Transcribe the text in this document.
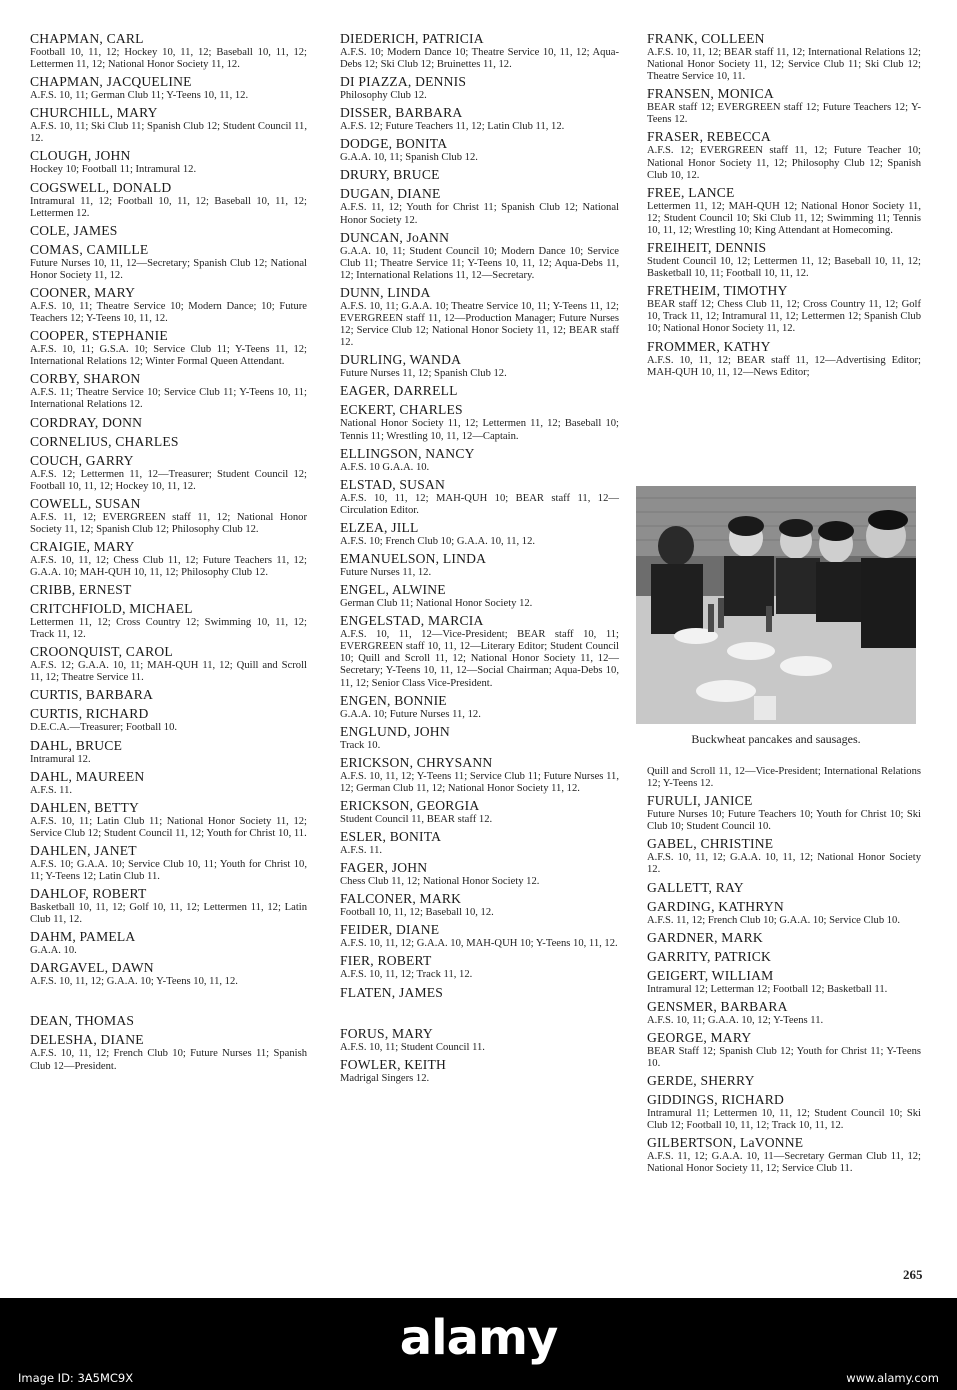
CHAPMAN, CARL
Football 10, 11, 12; Hockey 10, 11, 12; Baseball 10, 11, 12; Lettermen 11, 12; National Honor Society 11, 12.
CHAPMAN, JACQUELINE
A.F.S. 10, 11; German Club 11; Y-Teens 10, 11, 12.
CHURCHILL, MARY
A.F.S. 10, 11; Ski Club 11; Spanish Club 12; Student Council 11, 12.
CLOUGH, JOHN
Hockey 10; Football 11; Intramural 12.
COGSWELL, DONALD
Intramural 11, 12; Football 10, 11, 12; Baseball 10, 11, 12; Lettermen 12.
COLE, JAMES
COMAS, CAMILLE
Future Nurses 10, 11, 12—Secretary; Spanish Club 12; National Honor Society 11, 12.
COONER, MARY
A.F.S. 10, 11; Theatre Service 10; Modern Dance; 10; Future Teachers 12; Y-Teens 10, 11, 12.
COOPER, STEPHANIE
A.F.S. 10, 11; G.S.A. 10; Service Club 11; Y-Teens 11, 12; International Relations 12; Winter Formal Queen Attendant.
CORBY, SHARON
A.F.S. 11; Theatre Service 10; Service Club 11; Y-Teens 10, 11; International Relations 12.
CORDRAY, DONN
CORNELIUS, CHARLES
COUCH, GARRY
A.F.S. 12; Lettermen 11, 12—Treasurer; Student Council 12; Football 10, 11, 12; Hockey 10, 11, 12.
COWELL, SUSAN
A.F.S. 11, 12; EVERGREEN staff 11, 12; National Honor Society 11, 12; Spanish Club 12; Philosophy Club 12.
CRAIGIE, MARY
A.F.S. 10, 11, 12; Chess Club 11, 12; Future Teachers 11, 12; G.A.A. 10; MAH-QUH 10, 11, 12; Philosophy Club 12.
CRIBB, ERNEST
CRITCHFIOLD, MICHAEL
Lettermen 11, 12; Cross Country 12; Swimming 10, 11, 12; Track 11, 12.
CROONQUIST, CAROL
A.F.S. 12; G.A.A. 10, 11; MAH-QUH 11, 12; Quill and Scroll 11, 12; Theatre Service 11.
CURTIS, BARBARA
CURTIS, RICHARD
D.E.C.A.—Treasurer; Football 10.
DAHL, BRUCE
Intramural 12.
DAHL, MAUREEN
A.F.S. 11.
DAHLEN, BETTY
A.F.S. 10, 11; Latin Club 11; National Honor Society 11, 12; Service Club 12; Student Council 11, 12; Youth for Christ 10, 11.
DAHLEN, JANET
A.F.S. 10; G.A.A. 10; Service Club 10, 11; Youth for Christ 10, 11; Y-Teens 12; Latin Club 11.
DAHLOF, ROBERT
Basketball 10, 11, 12; Golf 10, 11, 12; Lettermen 11, 12; Latin Club 11, 12.
DAHM, PAMELA
G.A.A. 10.
DARGAVEL, DAWN
A.F.S. 10, 11, 12; G.A.A. 10; Y-Teens 10, 11, 12.
DEAN, THOMAS
DELESHA, DIANE
A.F.S. 10, 11, 12; French Club 10; Future Nurses 11; Spanish Club 12—President.
DIEDERICH, PATRICIA
A.F.S. 10; Modern Dance 10; Theatre Service 10, 11, 12; Aqua-Debs 12; Ski Club 12; Bruinettes 11, 12.
DI PIAZZA, DENNIS
Philosophy Club 12.
DISSER, BARBARA
A.F.S. 12; Future Teachers 11, 12; Latin Club 11, 12.
DODGE, BONITA
G.A.A. 10, 11; Spanish Club 12.
DRURY, BRUCE
DUGAN, DIANE
A.F.S. 11, 12; Youth for Christ 11; Spanish Club 12; National Honor Society 12.
DUNCAN, JoANN
G.A.A. 10, 11; Student Council 10; Modern Dance 10; Service Club 11; Theatre Service 11; Y-Teens 10, 11, 12; Aqua-Debs 11, 12; International Relations 11, 12—Secretary.
DUNN, LINDA
A.F.S. 10, 11; G.A.A. 10; Theatre Service 10, 11; Y-Teens 11, 12; EVERGREEN staff 11, 12—Production Manager; Future Nurses 12; Service Club 12; National Honor Society 11, 12; BEAR staff 12.
DURLING, WANDA
Future Nurses 11, 12; Spanish Club 12.
EAGER, DARRELL
ECKERT, CHARLES
National Honor Society 11, 12; Lettermen 11, 12; Baseball 10; Tennis 11; Wrestling 10, 11, 12—Captain.
ELLINGSON, NANCY
A.F.S. 10 G.A.A. 10.
ELSTAD, SUSAN
A.F.S. 10, 11, 12; MAH-QUH 10; BEAR staff 11, 12—Circulation Editor.
ELZEA, JILL
A.F.S. 10; French Club 10; G.A.A. 10, 11, 12.
EMANUELSON, LINDA
Future Nurses 11, 12.
ENGEL, ALWINE
German Club 11; National Honor Society 12.
ENGELSTAD, MARCIA
A.F.S. 10, 11, 12—Vice-President; BEAR staff 10, 11; EVERGREEN staff 10, 11, 12—Literary Editor; Student Council 10; Quill and Scroll 11, 12; National Honor Society 11, 12—Secretary; Y-Teens 10, 11, 12—Social Chairman; Aqua-Debs 10, 11, 12; Senior Class Vice-President.
ENGEN, BONNIE
G.A.A. 10; Future Nurses 11, 12.
ENGLUND, JOHN
Track 10.
ERICKSON, CHRYSANN
A.F.S. 10, 11, 12; Y-Teens 11; Service Club 11; Future Nurses 11, 12; German Club 11, 12; National Honor Society 11, 12.
ERICKSON, GEORGIA
Student Council 11, BEAR staff 12.
ESLER, BONITA
A.F.S. 11.
FAGER, JOHN
Chess Club 11, 12; National Honor Society 12.
FALCONER, MARK
Football 10, 11, 12; Baseball 10, 12.
FEIDER, DIANE
A.F.S. 10, 11, 12; G.A.A. 10, MAH-QUH 10; Y-Teens 10, 11, 12.
FIER, ROBERT
A.F.S. 10, 11, 12; Track 11, 12.
FLATEN, JAMES
FORUS, MARY
A.F.S. 10, 11; Student Council 11.
FOWLER, KEITH
Madrigal Singers 12.
FRANK, COLLEEN
A.F.S. 10, 11, 12; BEAR staff 11, 12; International Relations 12; National Honor Society 11, 12; Service Club 11; Ski Club 12; Theatre Service 10, 11.
FRANSEN, MONICA
BEAR staff 12; EVERGREEN staff 12; Future Teachers 12; Y-Teens 12.
FRASER, REBECCA
A.F.S. 12; EVERGREEN staff 11, 12; Future Teacher 10; National Honor Society 11, 12; Philosophy Club 12; Spanish Club 10, 12.
FREE, LANCE
Lettermen 11, 12; MAH-QUH 12; National Honor Society 11, 12; Student Council 10; Ski Club 11, 12; Swimming 11; Tennis 10, 11, 12; Wrestling 10; King Attendant at Homecoming.
FREIHEIT, DENNIS
Student Council 10, 12; Lettermen 11, 12; Baseball 10, 11, 12; Basketball 10, 11; Football 10, 11, 12.
FRETHEIM, TIMOTHY
BEAR staff 12; Chess Club 11, 12; Cross Country 11, 12; Golf 10, Track 11, 12; Intramural 11, 12; Lettermen 12; Spanish Club 10; National Honor Society 11, 12.
FROMMER, KATHY
A.F.S. 10, 11, 12; BEAR staff 11, 12—Advertising Editor; MAH-QUH 10, 11, 12—News Editor;
Buckwheat pancakes and sausages.
Quill and Scroll 11, 12—Vice-President; International Relations 12; Y-Teens 12.
FURULI, JANICE
Future Nurses 10; Future Teachers 10; Youth for Christ 10; Ski Club 10; Student Council 10.
GABEL, CHRISTINE
A.F.S. 10, 11, 12; G.A.A. 10, 11, 12; National Honor Society 12.
GALLETT, RAY
GARDING, KATHRYN
A.F.S. 11, 12; French Club 10; G.A.A. 10; Service Club 10.
GARDNER, MARK
GARRITY, PATRICK
GEIGERT, WILLIAM
Intramural 12; Letterman 12; Football 12; Basketball 11.
GENSMER, BARBARA
A.F.S. 10, 11; G.A.A. 10, 12; Y-Teens 11.
GEORGE, MARY
BEAR Staff 12; Spanish Club 12; Youth for Christ 11; Y-Teens 10.
GERDE, SHERRY
GIDDINGS, RICHARD
Intramural 11; Lettermen 10, 11, 12; Student Council 10; Ski Club 12; Football 10, 11, 12; Track 10, 11, 12.
GILBERTSON, LaVONNE
A.F.S. 11, 12; G.A.A. 10, 11—Secretary German Club 11, 12; National Honor Society 11, 12; Service Club 11.
265
alamy
Image ID: 3A5MC9X	www.alamy.com
